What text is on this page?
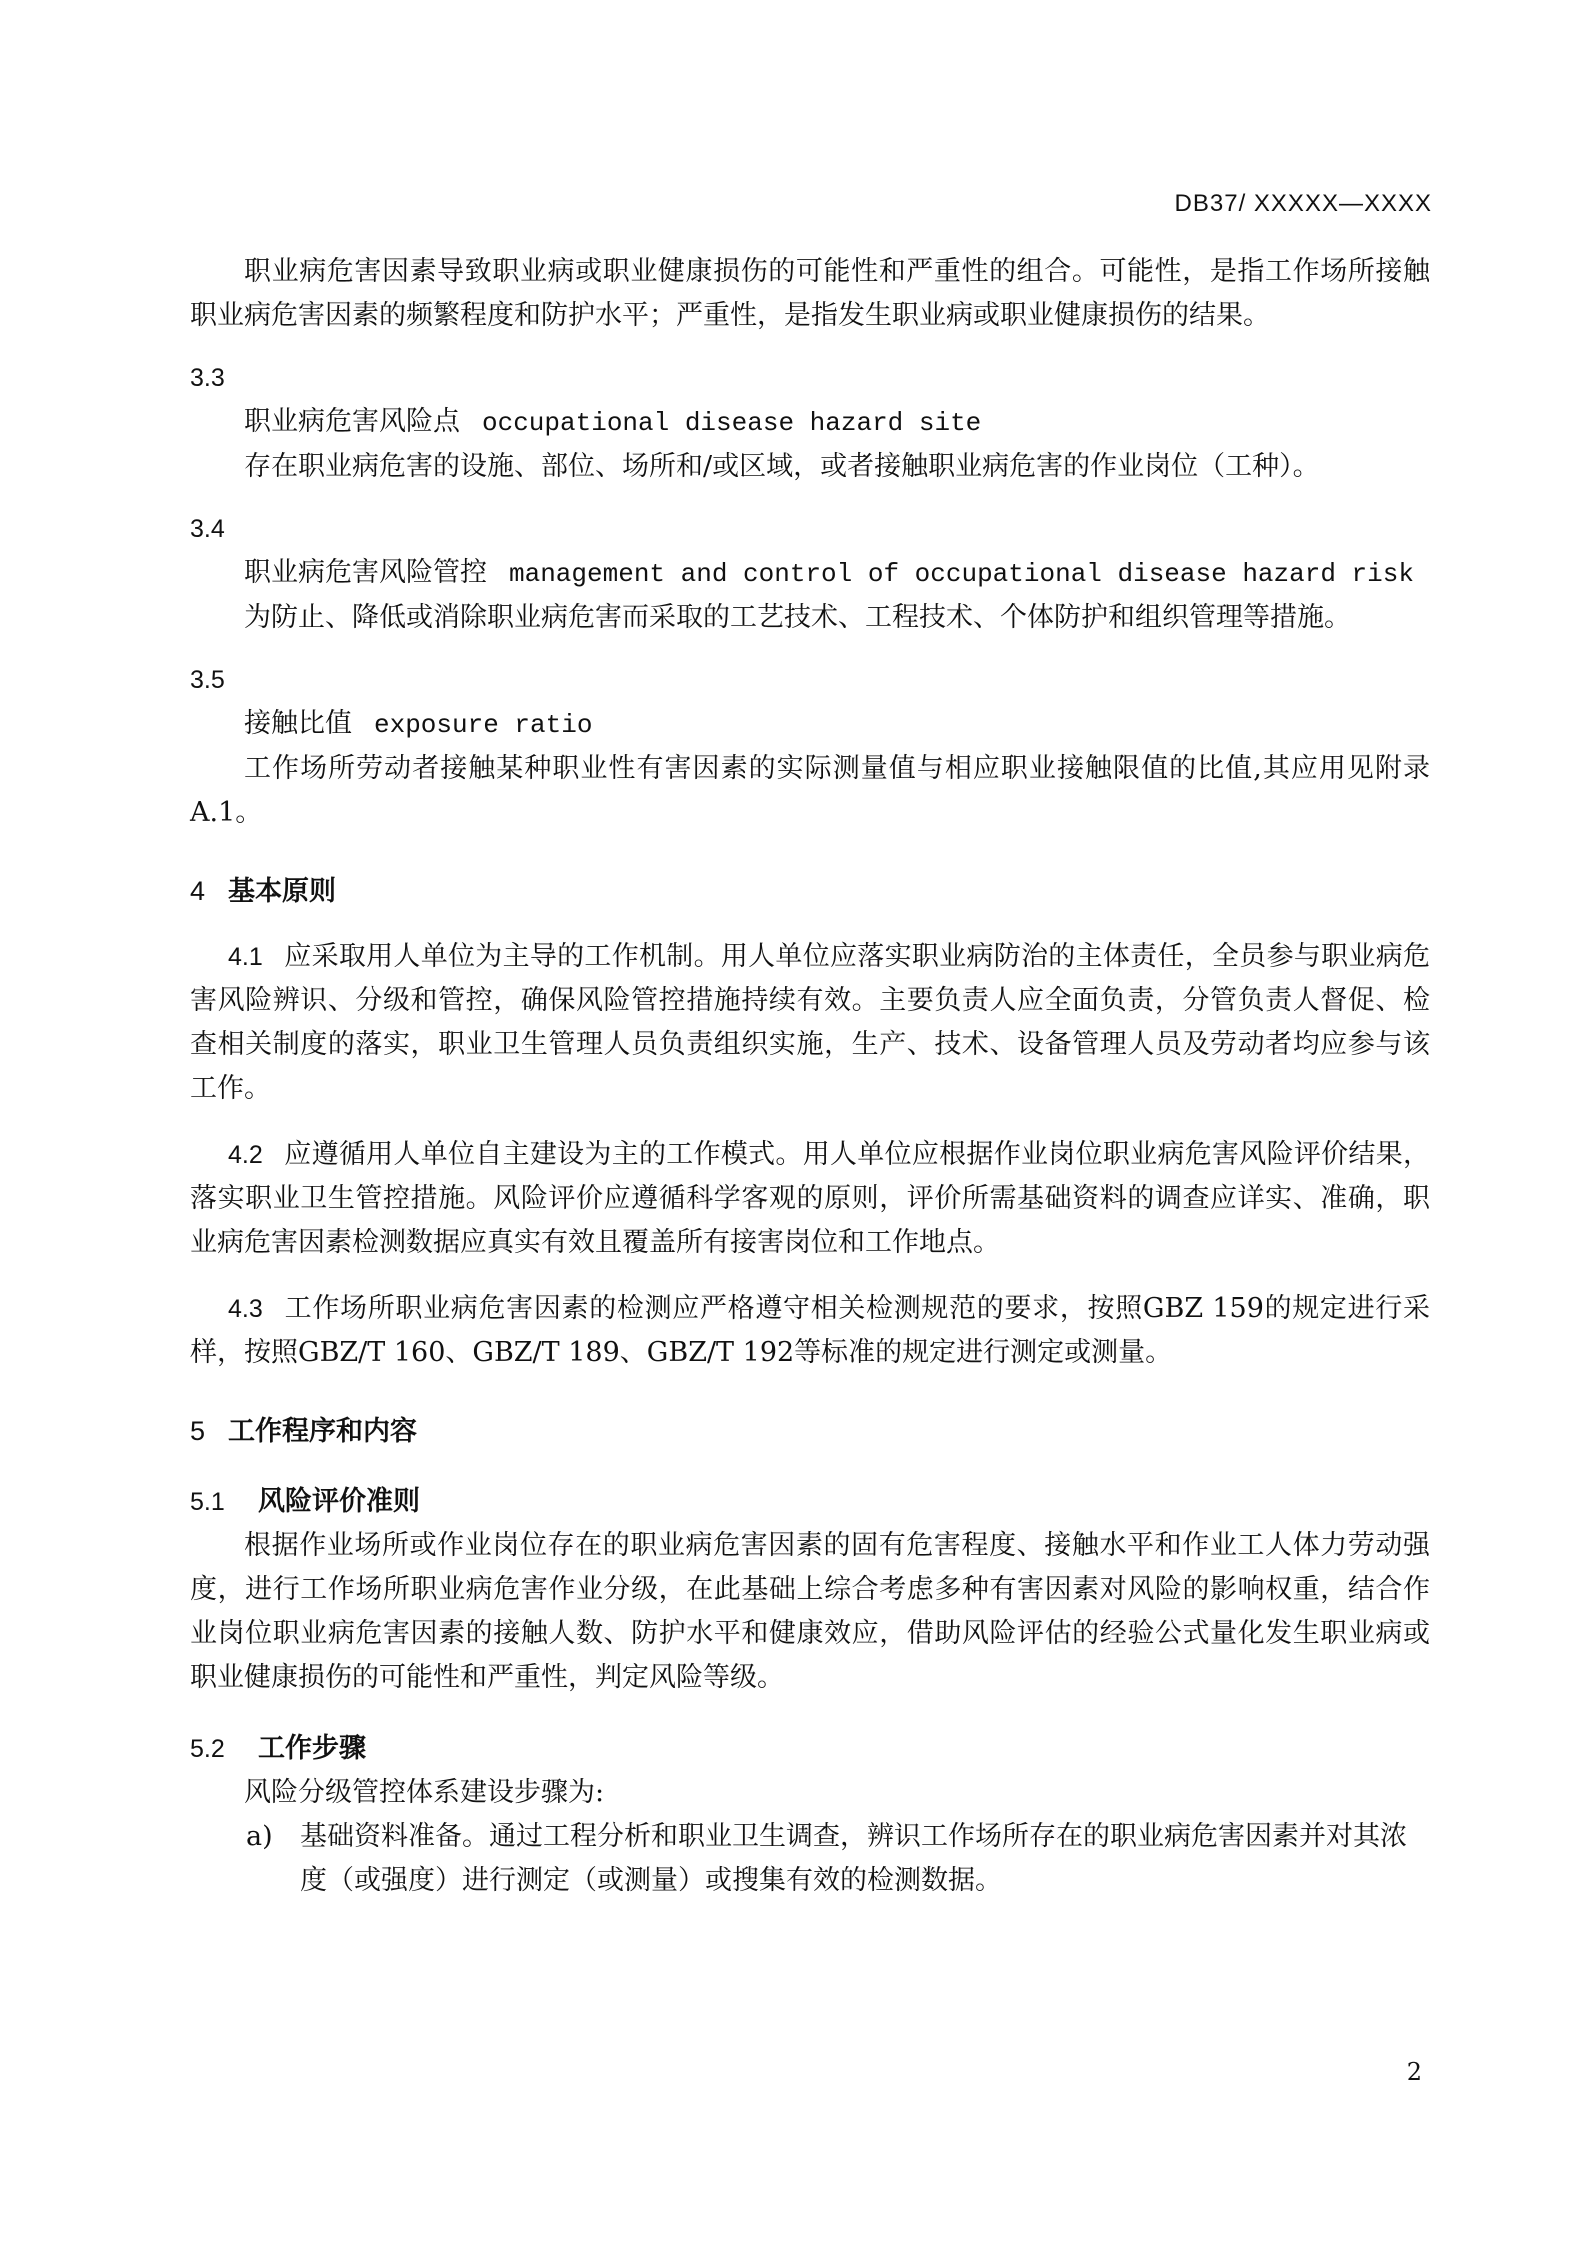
DB37/ XXXXX—XXXX

职业病危害因素导致职业病或职业健康损伤的可能性和严重性的组合。可能性，是指工作场所接触职业病危害因素的频繁程度和防护水平；严重性，是指发生职业病或职业健康损伤的结果。

3.3

职业病危害风险点 occupational disease hazard site

存在职业病危害的设施、部位、场所和/或区域，或者接触职业病危害的作业岗位（工种）。

3.4

职业病危害风险管控 management and control of occupational disease hazard risk

为防止、降低或消除职业病危害而采取的工艺技术、工程技术、个体防护和组织管理等措施。

3.5

接触比值 exposure ratio

工作场所劳动者接触某种职业性有害因素的实际测量值与相应职业接触限值的比值,其应用见附录A.1。

4 基本原则

4.1 应采取用人单位为主导的工作机制。用人单位应落实职业病防治的主体责任，全员参与职业病危害风险辨识、分级和管控，确保风险管控措施持续有效。主要负责人应全面负责，分管负责人督促、检查相关制度的落实，职业卫生管理人员负责组织实施，生产、技术、设备管理人员及劳动者均应参与该工作。

4.2 应遵循用人单位自主建设为主的工作模式。用人单位应根据作业岗位职业病危害风险评价结果，落实职业卫生管控措施。风险评价应遵循科学客观的原则，评价所需基础资料的调查应详实、准确，职业病危害因素检测数据应真实有效且覆盖所有接害岗位和工作地点。

4.3 工作场所职业病危害因素的检测应严格遵守相关检测规范的要求，按照GBZ 159的规定进行采样，按照GBZ/T 160、GBZ/T 189、GBZ/T 192等标准的规定进行测定或测量。

5 工作程序和内容

5.1 风险评价准则

根据作业场所或作业岗位存在的职业病危害因素的固有危害程度、接触水平和作业工人体力劳动强度，进行工作场所职业病危害作业分级，在此基础上综合考虑多种有害因素对风险的影响权重，结合作业岗位职业病危害因素的接触人数、防护水平和健康效应，借助风险评估的经验公式量化发生职业病或职业健康损伤的可能性和严重性，判定风险等级。

5.2 工作步骤

风险分级管控体系建设步骤为:

a) 基础资料准备。通过工程分析和职业卫生调查，辨识工作场所存在的职业病危害因素并对其浓度（或强度）进行测定（或测量）或搜集有效的检测数据。

2
